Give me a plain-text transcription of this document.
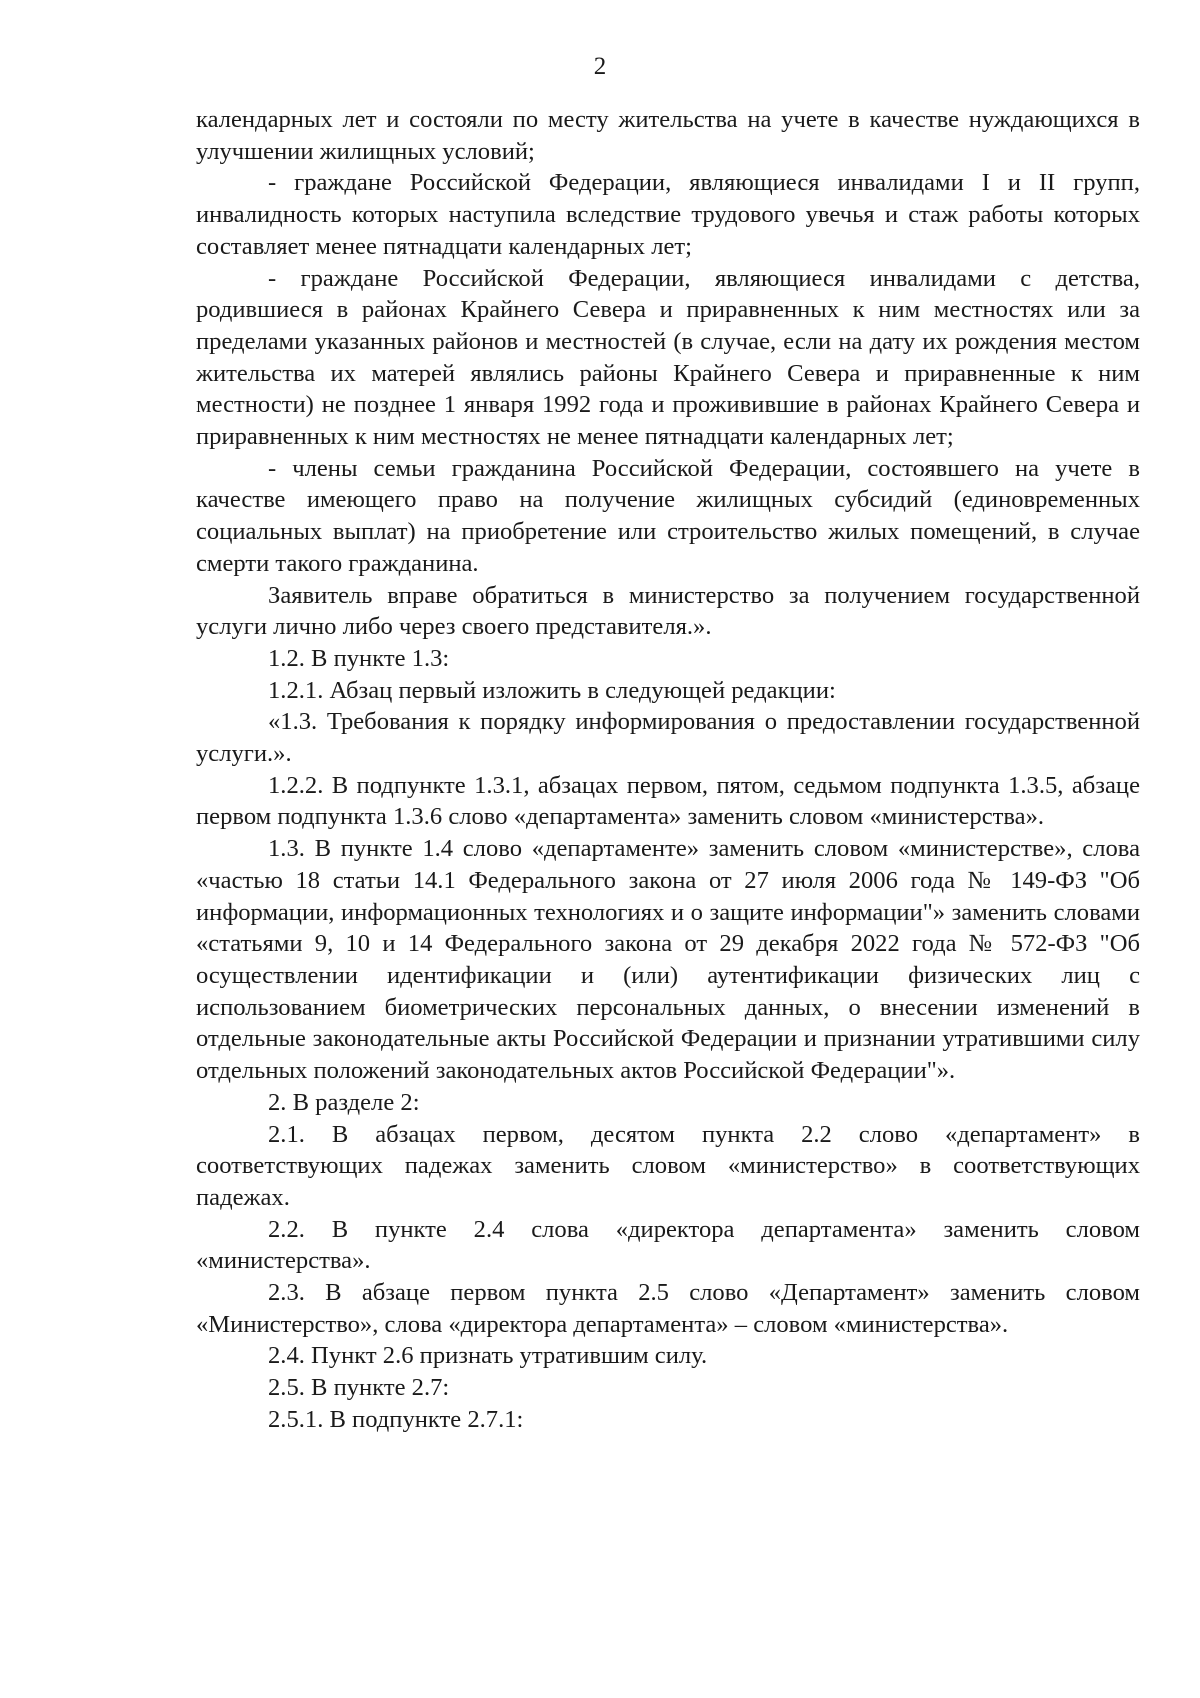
2

календарных лет и состояли по месту жительства на учете в качестве нуждающихся в улучшении жилищных условий;

- граждане Российской Федерации, являющиеся инвалидами I и II групп, инвалидность которых наступила вследствие трудового увечья и стаж работы которых составляет менее пятнадцати календарных лет;

- граждане Российской Федерации, являющиеся инвалидами с детства, родившиеся в районах Крайнего Севера и приравненных к ним местностях или за пределами указанных районов и местностей (в случае, если на дату их рождения местом жительства их матерей являлись районы Крайнего Севера и приравненные к ним местности) не позднее 1 января 1992 года и проживившие в районах Крайнего Севера и приравненных к ним местностях не менее пятнадцати календарных лет;

- члены семьи гражданина Российской Федерации, состоявшего на учете в качестве имеющего право на получение жилищных субсидий (единовременных социальных выплат) на приобретение или строительство жилых помещений, в случае смерти такого гражданина.

Заявитель вправе обратиться в министерство за получением государственной услуги лично либо через своего представителя.».

1.2. В пункте 1.3:

1.2.1. Абзац первый изложить в следующей редакции:

«1.3. Требования к порядку информирования о предоставлении государственной услуги.».

1.2.2. В подпункте 1.3.1, абзацах первом, пятом, седьмом подпункта 1.3.5, абзаце первом подпункта 1.3.6 слово «департамента» заменить словом «министерства».

1.3. В пункте 1.4 слово «департаменте» заменить словом «министерстве», слова «частью 18 статьи 14.1 Федерального закона от 27 июля 2006 года № 149-ФЗ "Об информации, информационных технологиях и о защите информации"» заменить словами «статьями 9, 10 и 14 Федерального закона от 29 декабря 2022 года № 572-ФЗ "Об осуществлении идентификации и (или) аутентификации физических лиц с использованием биометрических персональных данных, о внесении изменений в отдельные законодательные акты Российской Федерации и признании утратившими силу отдельных положений законодательных актов Российской Федерации"».

2. В разделе 2:

2.1. В абзацах первом, десятом пункта 2.2 слово «департамент» в соответствующих падежах заменить словом «министерство» в соответствующих падежах.

2.2. В пункте 2.4 слова «директора департамента» заменить словом «министерства».

2.3. В абзаце первом пункта 2.5 слово «Департамент» заменить словом «Министерство», слова «директора департамента» – словом «министерства».

2.4. Пункт 2.6 признать утратившим силу.

2.5. В пункте 2.7:

2.5.1. В подпункте 2.7.1:
